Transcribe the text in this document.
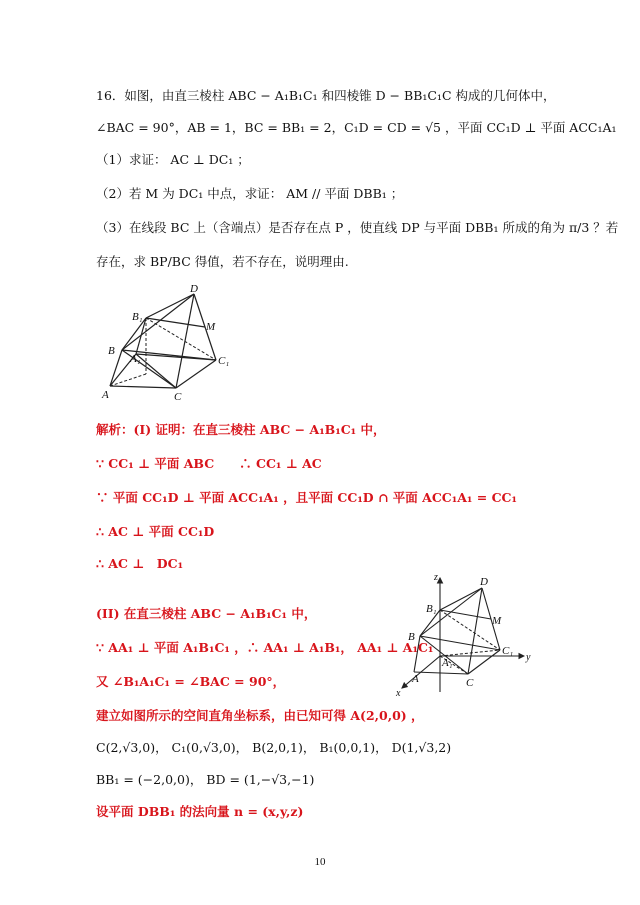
16．如图，由直三棱柱 ABC − A₁B₁C₁ 和四棱锥 D − BB₁C₁C 构成的几何体中，
∠BAC = 90°，AB = 1，BC = BB₁ = 2，C₁D = CD = √5 ，平面 CC₁D ⊥ 平面 ACC₁A₁
（1）求证： AC ⊥ DC₁ ；
（2）若 M 为 DC₁ 中点，求证： AM // 平面 DBB₁ ；
（3）在线段 BC 上（含端点）是否存在点 P ，使直线 DP 与平面 DBB₁ 所成的角为 π/3 ？若
存在，求 BP/BC 得值，若不存在，说明理由.
D
B₁
M
B
A₁	C₁
A	C
解析：(I) 证明：在直三棱柱 ABC − A₁B₁C₁ 中，
∵ CC₁ ⊥ 平面 ABC　　∴ CC₁ ⊥ AC
∵ 平面 CC₁D ⊥ 平面 ACC₁A₁ ，且平面 CC₁D ∩ 平面 ACC₁A₁ = CC₁
∴ AC ⊥ 平面 CC₁D
∴ AC ⊥　DC₁
(II) 在直三棱柱 ABC − A₁B₁C₁ 中，
∵ AA₁ ⊥ 平面 A₁B₁C₁ ，∴ AA₁ ⊥ A₁B₁， AA₁ ⊥ A₁C₁
又 ∠B₁A₁C₁ = ∠BAC = 90°，
建立如图所示的空间直角坐标系，由已知可得 A(2,0,0) ，
C(2,√3,0)， C₁(0,√3,0)， B(2,0,1)， B₁(0,0,1)， D(1,√3,2)
BB₁ = (−2,0,0)， BD = (1,−√3,−1)
设平面 DBB₁ 的法向量 n = (x,y,z)
z	D
B₁
M
B
A₁
C₁
y
A	C
x
10
